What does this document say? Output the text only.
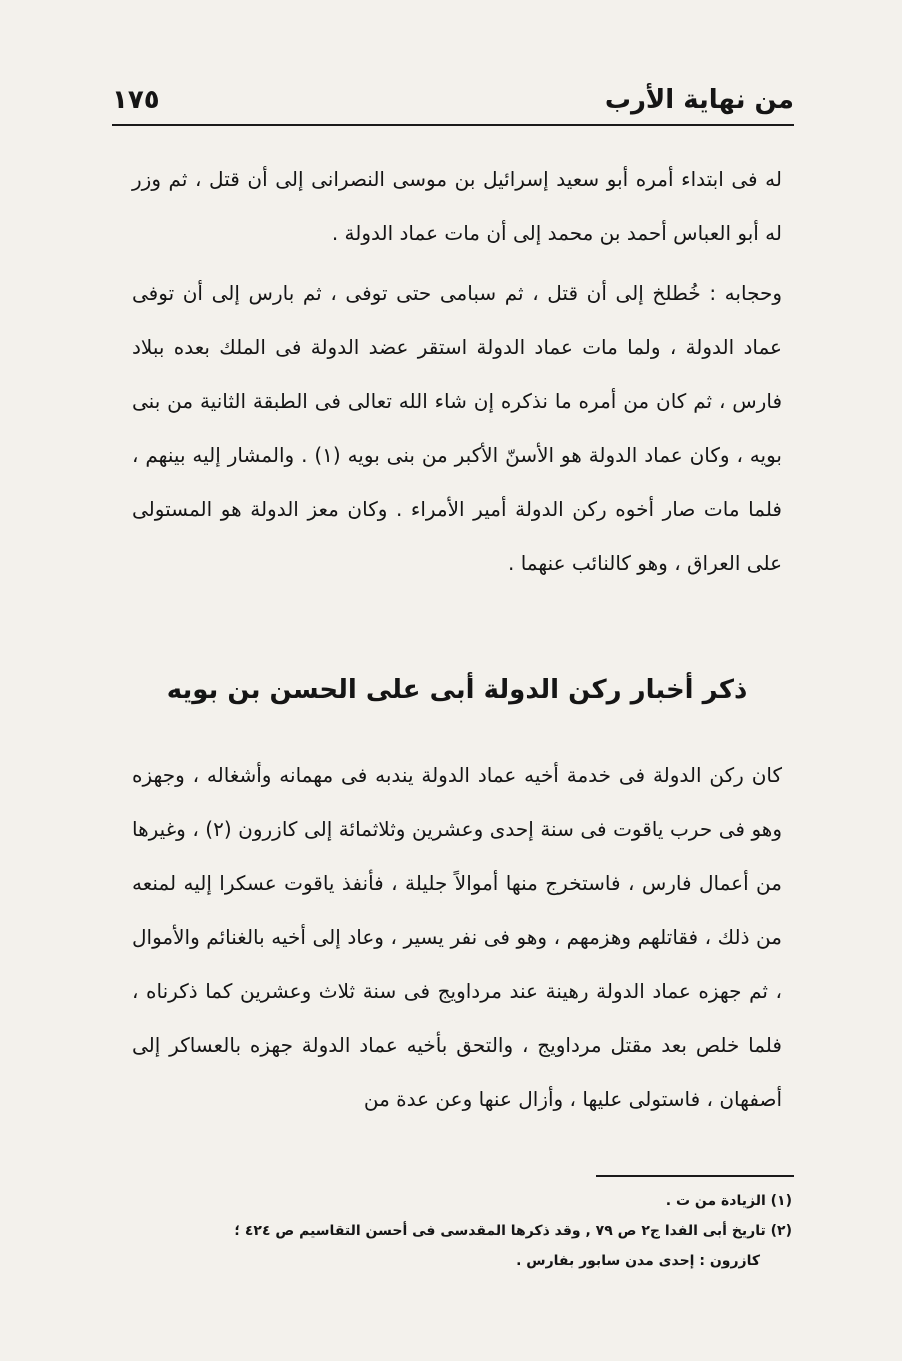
من نهاية الأرب
١٧٥

له فى ابتداء أمره أبو سعيد إسرائيل بن موسى النصرانى إلى أن قتل ، ثم وزر له أبو العباس أحمد بن محمد إلى أن مات عماد الدولة .

وحجابه : خُطلخ إلى أن قتل ، ثم سبامى حتى توفى ، ثم بارس إلى أن توفى عماد الدولة ، ولما مات عماد الدولة استقر عضد الدولة فى الملك بعده ببلاد فارس ، ثم كان من أمره ما نذكره إن شاء الله تعالى فى الطبقة الثانية من بنى بويه ، وكان عماد الدولة هو الأسنّ الأكبر من بنى بويه (١) . والمشار إليه بينهم ، فلما مات صار أخوه ركن الدولة أمير الأمراء . وكان معز الدولة هو المستولى على العراق ، وهو كالنائب عنهما .

ذكر أخبار ركن الدولة أبى على الحسن بن بويه

كان ركن الدولة فى خدمة أخيه عماد الدولة يندبه فى مهمانه وأشغاله ، وجهزه وهو فى حرب ياقوت فى سنة إحدى وعشرين وثلاثمائة إلى كازرون (٢) ، وغيرها من أعمال فارس ، فاستخرج منها أموالاً جليلة ، فأنفذ ياقوت عسكرا إليه لمنعه من ذلك ، فقاتلهم وهزمهم ، وهو فى نفر يسير ، وعاد إلى أخيه بالغنائم والأموال ، ثم جهزه عماد الدولة رهينة عند مرداويج فى سنة ثلاث وعشرين كما ذكرناه ، فلما خلص بعد مقتل مرداويج ، والتحق بأخيه عماد الدولة جهزه بالعساكر إلى أصفهان ، فاستولى عليها ، وأزال عنها وعن عدة من

(١) الزيادة من ت .

(٢) تاريخ أبى الفدا ج٢ ص ٧٩ , وقد ذكرها المقدسى فى أحسن التقاسيم ص ٤٢٤ ؛

كازرون : إحدى مدن سابور بفارس .
